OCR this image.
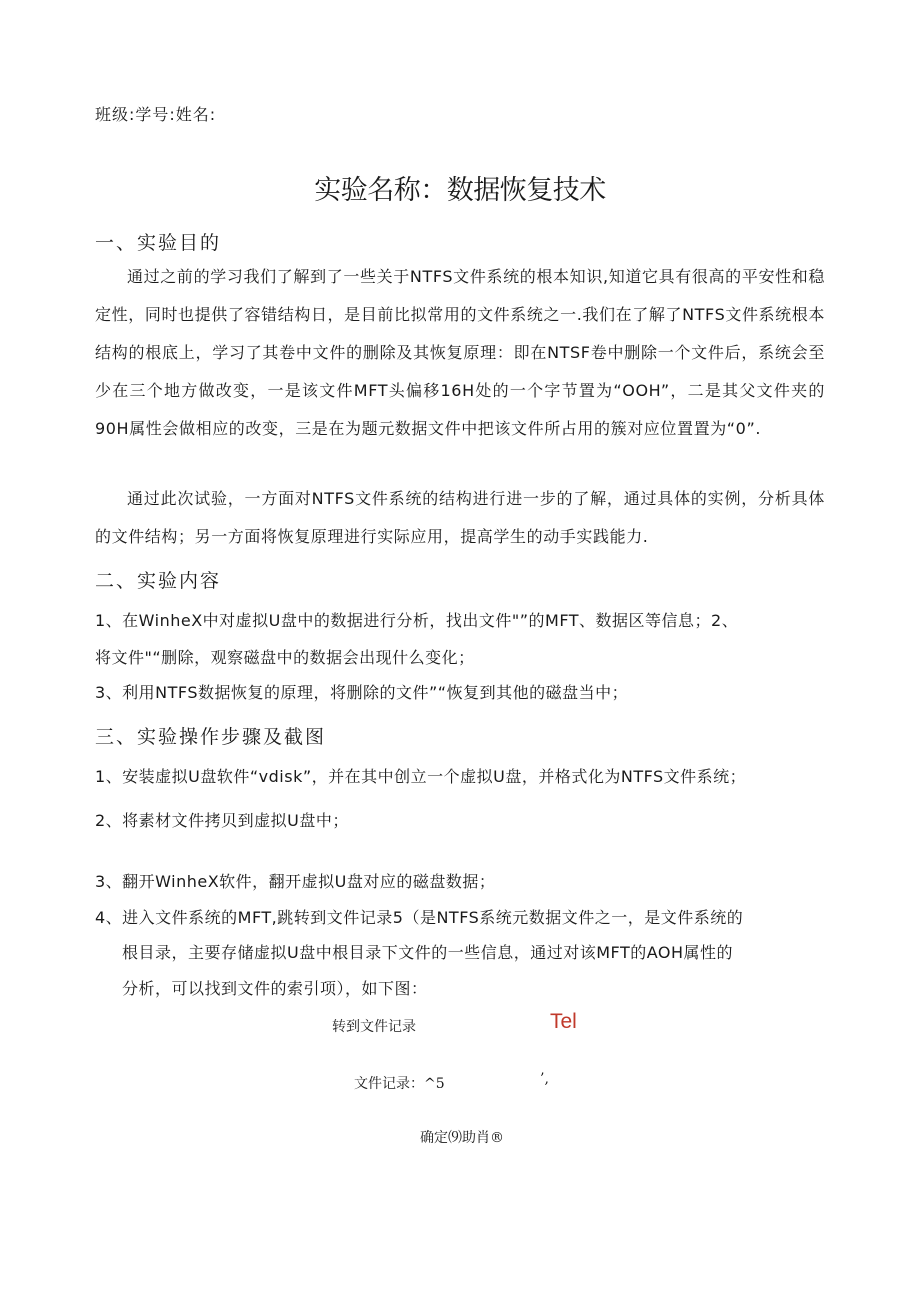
班级:学号:姓名:
实验名称：数据恢复技术
一、实验目的
通过之前的学习我们了解到了一些关于NTFS文件系统的根本知识,知道它具有很高的平安性和稳定性，同时也提供了容错结构日，是目前比拟常用的文件系统之一.我们在了解了NTFS文件系统根本结构的根底上，学习了其卷中文件的删除及其恢复原理：即在NTSF卷中删除一个文件后，系统会至少在三个地方做改变，一是该文件MFT头偏移16H处的一个字节置为“OOH”，二是其父文件夹的90H属性会做相应的改变，三是在为题元数据文件中把该文件所占用的簇对应位置置为“0”.
通过此次试验，一方面对NTFS文件系统的结构进行进一步的了解，通过具体的实例，分析具体的文件结构；另一方面将恢复原理进行实际应用，提高学生的动手实践能力.
二、实验内容
1、在WinheX中对虚拟U盘中的数据进行分析，找出文件"”的MFT、数据区等信息；2、
将文件"“删除，观察磁盘中的数据会出现什么变化；
3、利用NTFS数据恢复的原理，将删除的文件”“恢复到其他的磁盘当中；
三、实验操作步骤及截图
1、安装虚拟U盘软件“vdisk”，并在其中创立一个虚拟U盘，并格式化为NTFS文件系统；
2、将素材文件拷贝到虚拟U盘中；
3、翻开WinheX软件，翻开虚拟U盘对应的磁盘数据；
4、进入文件系统的MFT,跳转到文件记录5（是NTFS系统元数据文件之一，是文件系统的
根目录，主要存储虚拟U盘中根目录下文件的一些信息，通过对该MFT的AOH属性的
分析，可以找到文件的索引项），如下图：
转到文件记录	Tel
文件记录：^5	’,
确定⑼助肖®
